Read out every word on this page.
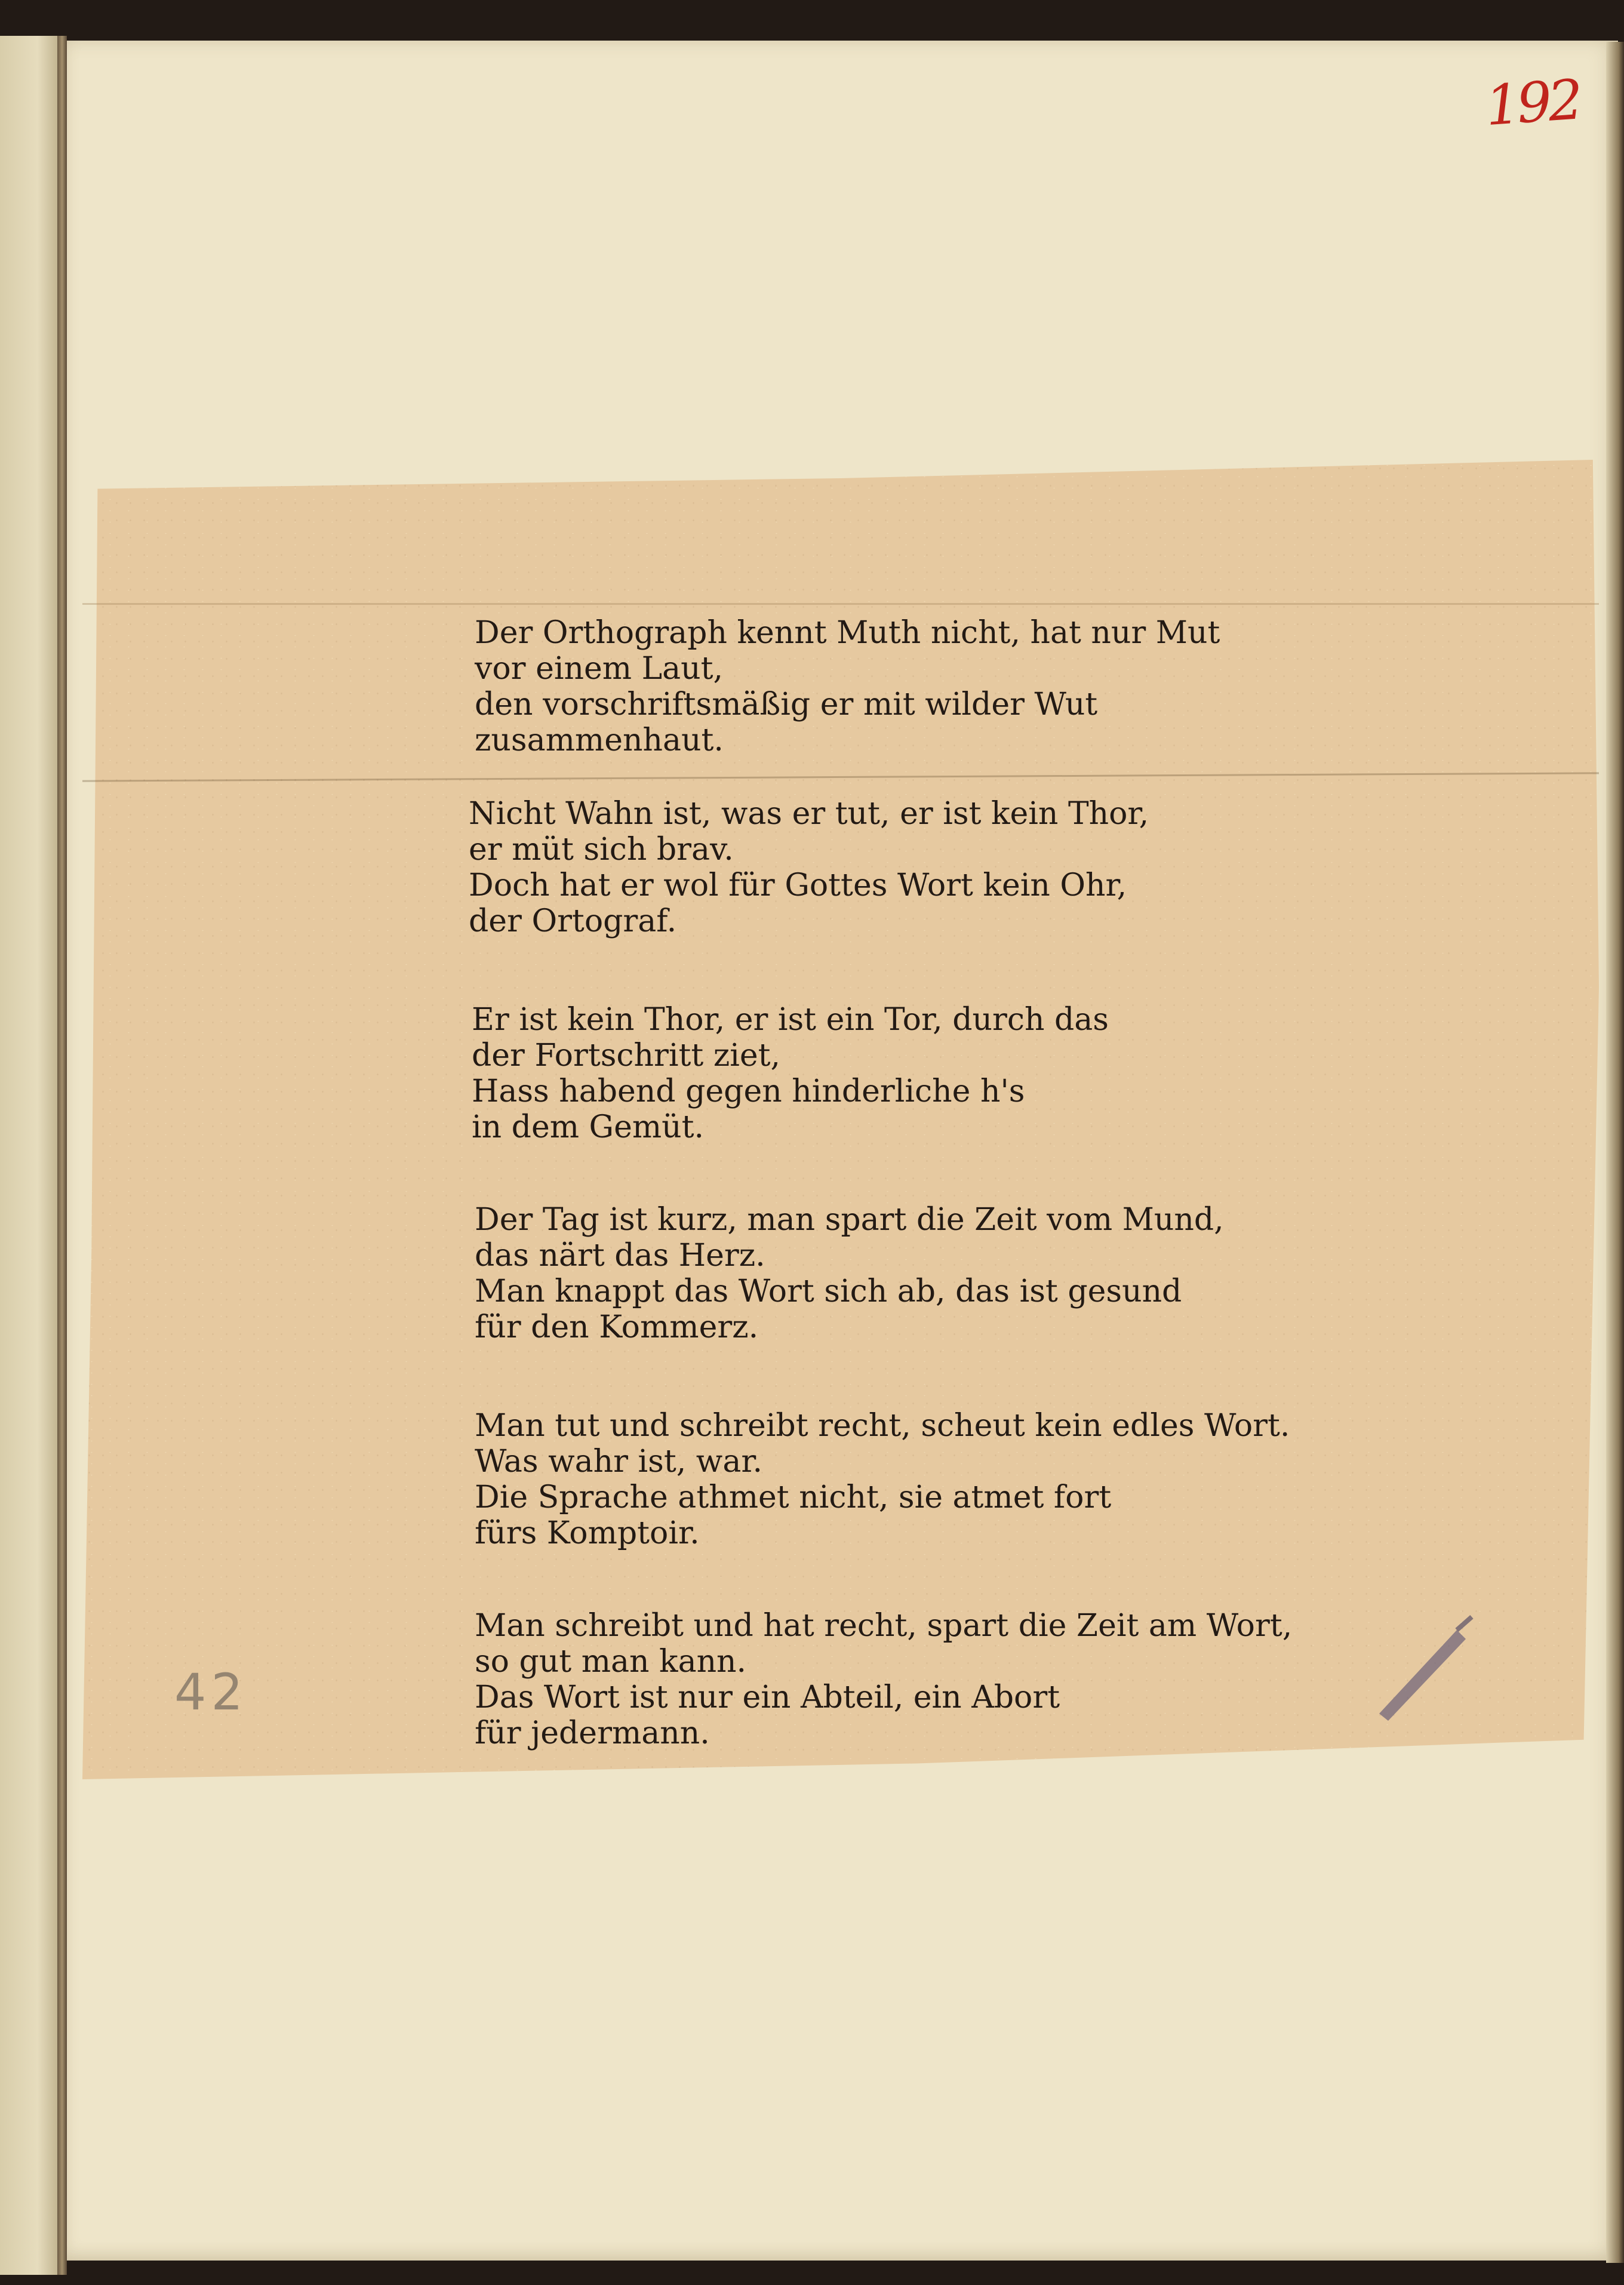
192
Der Orthograph kennt Muth nicht, hat nur Mut
vor einem Laut,
den vorschriftsmäßig er mit wilder Wut
zusammenhaut.
Nicht Wahn ist, was er tut, er ist kein Thor,
er müt sich brav.
Doch hat er wol für Gottes Wort kein Ohr,
der Ortograf.
Er ist kein Thor, er ist ein Tor, durch das
der Fortschritt ziet,
Hass habend gegen hinderliche h's
in dem Gemüt.
Der Tag ist kurz, man spart die Zeit vom Mund,
das närt das Herz.
Man knappt das Wort sich ab, das ist gesund
für den Kommerz.
Man tut und schreibt recht, scheut kein edles Wort.
Was wahr ist, war.
Die Sprache athmet nicht, sie atmet fort
fürs Komptoir.
Man schreibt und hat recht, spart die Zeit am Wort,
so gut man kann.
Das Wort ist nur ein Abteil, ein Abort
für jedermann.
42
